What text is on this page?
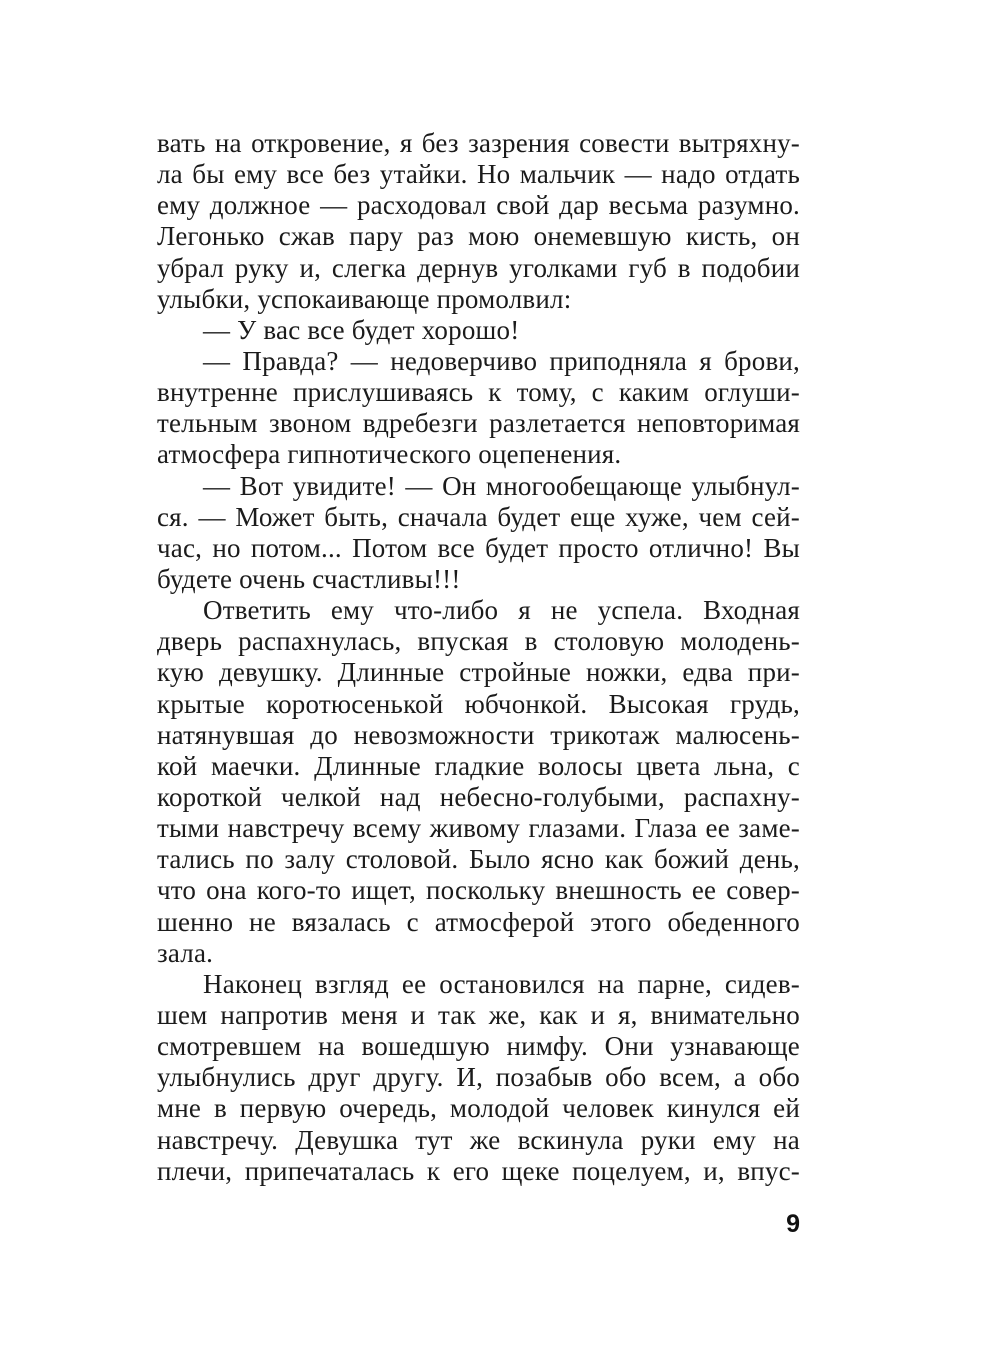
вать на откровение, я без зазрения совести вытряхну-
ла бы ему все без утайки. Но мальчик — надо отдать
ему должное — расходовал свой дар весьма разумно.
Легонько сжав пару раз мою онемевшую кисть, он
убрал руку и, слегка дернув уголками губ в подобии
улыбки, успокаивающе промолвил:
— У вас все будет хорошо!
— Правда? — недоверчиво приподняла я брови,
внутренне прислушиваясь к тому, с каким оглуши-
тельным звоном вдребезги разлетается неповторимая
атмосфера гипнотического оцепенения.
— Вот увидите! — Он многообещающе улыбнул-
ся. — Может быть, сначала будет еще хуже, чем сей-
час, но потом... Потом все будет просто отлично! Вы
будете очень счастливы!!!
Ответить ему что-либо я не успела. Входная
дверь распахнулась, впуская в столовую молодень-
кую девушку. Длинные стройные ножки, едва при-
крытые коротюсенькой юбчонкой. Высокая грудь,
натянувшая до невозможности трикотаж малюсень-
кой маечки. Длинные гладкие волосы цвета льна, с
короткой челкой над небесно-голубыми, распахну-
тыми навстречу всему живому глазами. Глаза ее заме-
тались по залу столовой. Было ясно как божий день,
что она кого-то ищет, поскольку внешность ее совер-
шенно не вязалась с атмосферой этого обеденного
зала.
Наконец взгляд ее остановился на парне, сидев-
шем напротив меня и так же, как и я, внимательно
смотревшем на вошедшую нимфу. Они узнавающе
улыбнулись друг другу. И, позабыв обо всем, а обо
мне в первую очередь, молодой человек кинулся ей
навстречу. Девушка тут же вскинула руки ему на
плечи, припечаталась к его щеке поцелуем, и, впус-
9
